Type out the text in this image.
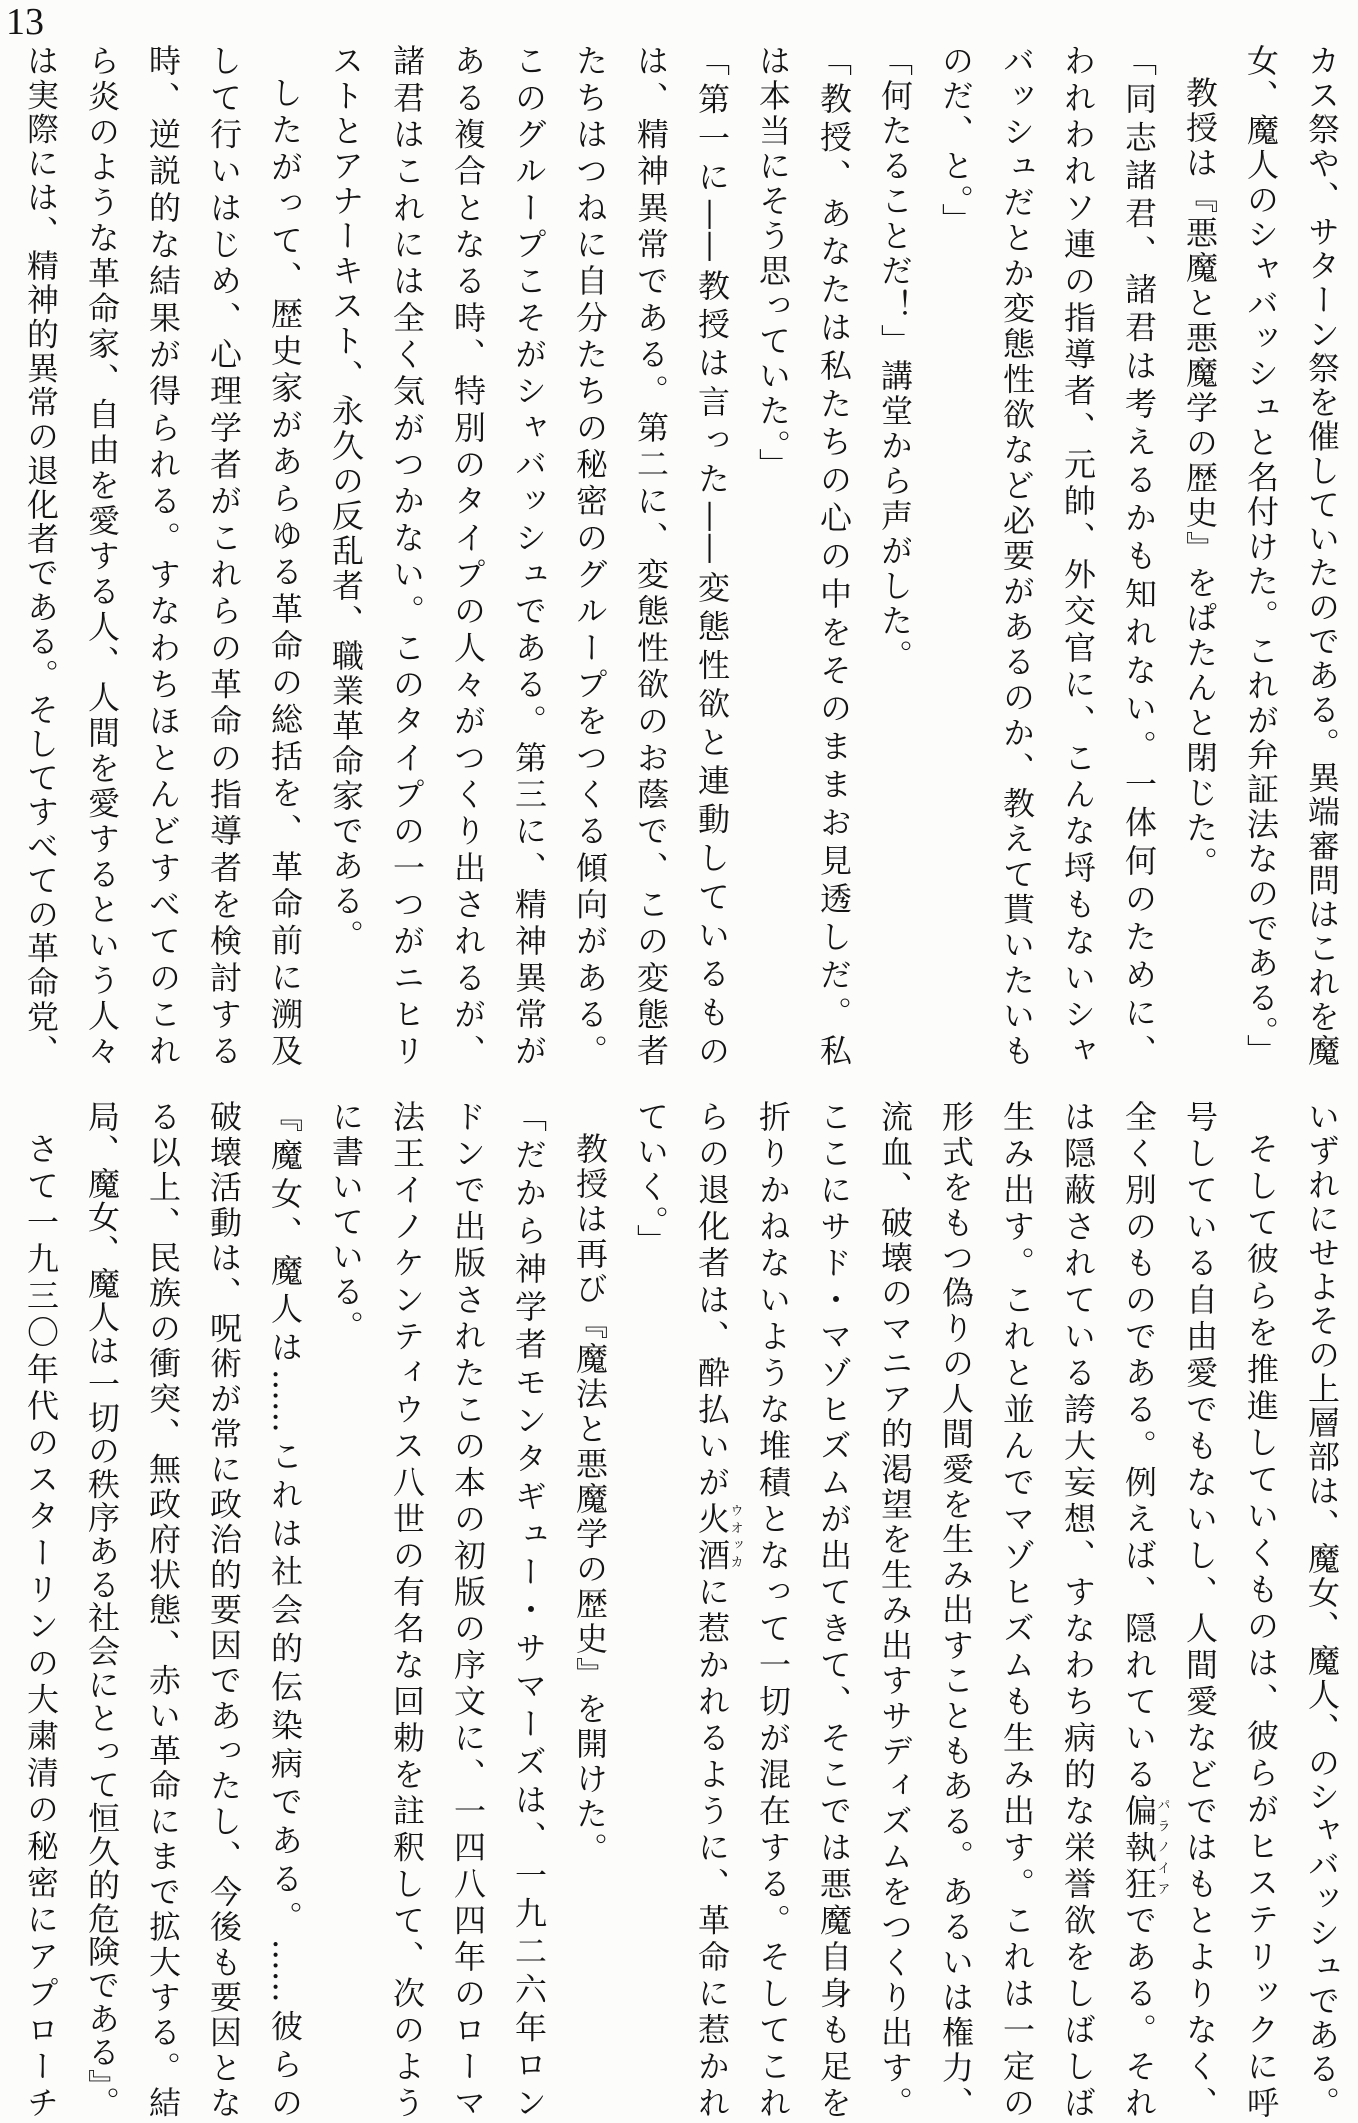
13
カス祭や、サターン祭を催していたのである。異端審問はこれを魔
女、魔人のシャバッシュと名付けた。これが弁証法なのである。」
教授は『悪魔と悪魔学の歴史』をぱたんと閉じた。
「同志諸君、諸君は考えるかも知れない。一体何のために、
われわれソ連の指導者、元帥、外交官に、こんな埒もないシャ
バッシュだとか変態性欲など必要があるのか、教えて貰いたいも
のだ、と。」
「何たることだ！」講堂から声がした。
「教授、あなたは私たちの心の中をそのままお見透しだ。私
は本当にそう思っていた。」
「第一に——教授は言った——変態性欲と連動しているもの
は、精神異常である。第二に、変態性欲のお蔭で、この変態者
たちはつねに自分たちの秘密のグループをつくる傾向がある。
このグループこそがシャバッシュである。第三に、精神異常が
ある複合となる時、特別のタイプの人々がつくり出されるが、
諸君はこれには全く気がつかない。このタイプの一つがニヒリ
ストとアナーキスト、永久の反乱者、職業革命家である。
したがって、歴史家があらゆる革命の総括を、革命前に溯及
して行いはじめ、心理学者がこれらの革命の指導者を検討する
時、逆説的な結果が得られる。すなわちほとんどすべてのこれ
ら炎のような革命家、自由を愛する人、人間を愛するという人々
は実際には、精神的異常の退化者である。そしてすべての革命党、
いずれにせよその上層部は、魔女、魔人、のシャバッシュである。
そして彼らを推進していくものは、彼らがヒステリックに呼
号している自由愛でもないし、人間愛などではもとよりなく、
全く別のものである。例えば、隠れている偏執狂パラノイアである。それ
は隠蔽されている誇大妄想、すなわち病的な栄誉欲をしばしば
生み出す。これと並んでマゾヒズムも生み出す。これは一定の
形式をもつ偽りの人間愛を生み出すこともある。あるいは権力、
流血、破壊のマニア的渇望を生み出すサディズムをつくり出す。
ここにサド・マゾヒズムが出てきて、そこでは悪魔自身も足を
折りかねないような堆積となって一切が混在する。そしてこれ
らの退化者は、酔払いが火酒ウオッカに惹かれるように、革命に惹かれ
ていく。」
教授は再び『魔法と悪魔学の歴史』を開けた。
「だから神学者モンタギュー・サマーズは、一九二六年ロン
ドンで出版されたこの本の初版の序文に、一四八四年のローマ
法王イノケンティウス八世の有名な回勅を註釈して、次のよう
に書いている。
『魔女、魔人は……これは社会的伝染病である。……彼らの
破壊活動は、呪術が常に政治的要因であったし、今後も要因とな
る以上、民族の衝突、無政府状態、赤い革命にまで拡大する。結
局、魔女、魔人は一切の秩序ある社会にとって恒久的危険である』。
さて一九三〇年代のスターリンの大粛清の秘密にアプローチ
